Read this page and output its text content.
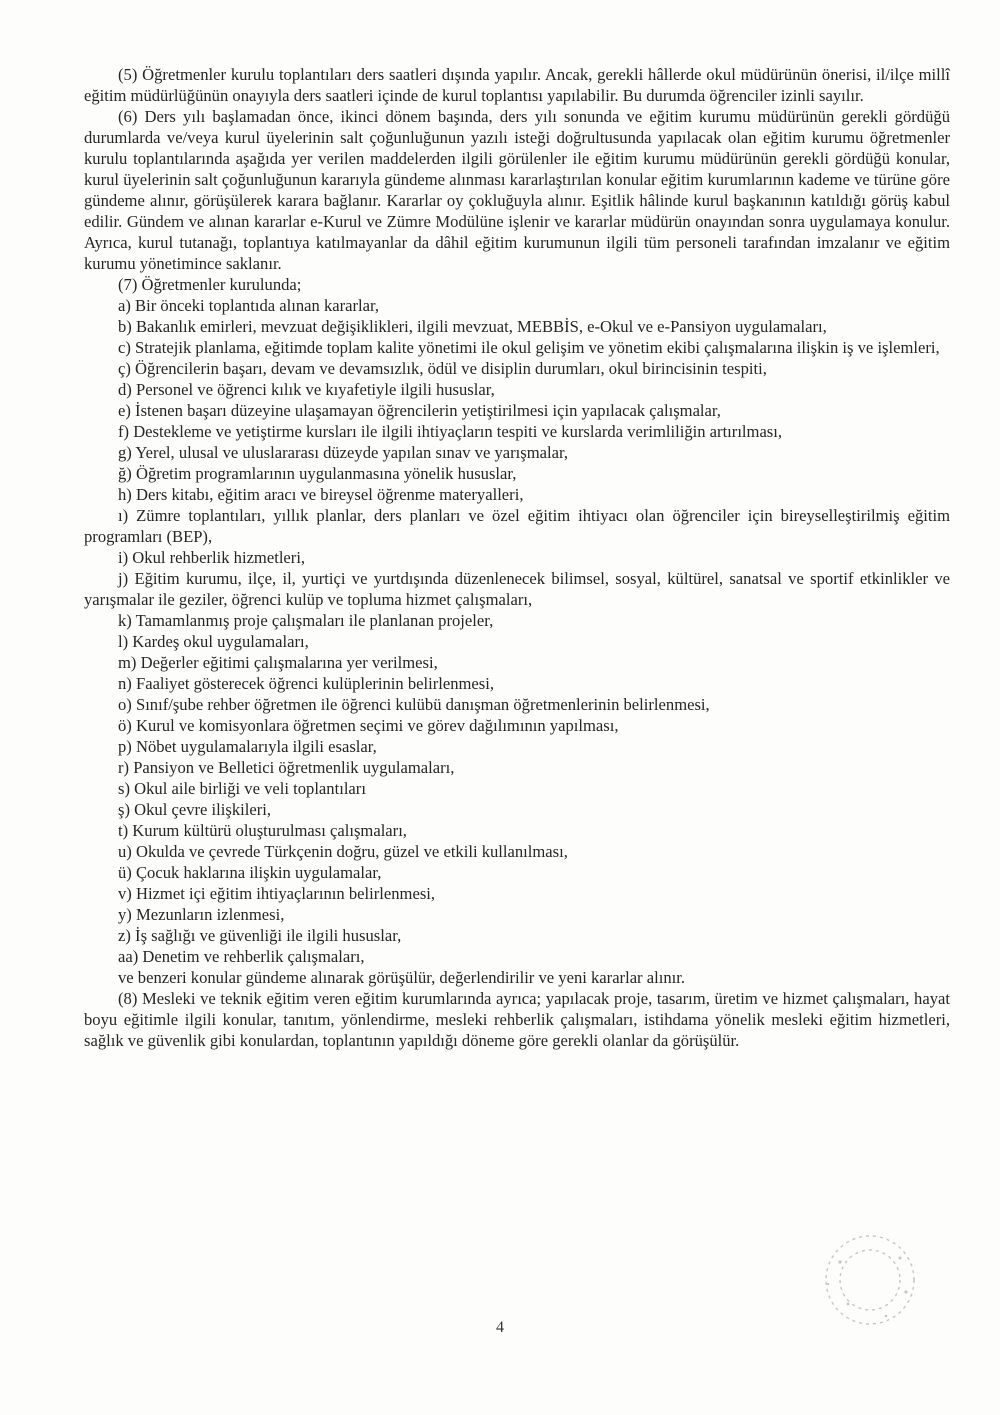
(5) Öğretmenler kurulu toplantıları ders saatleri dışında yapılır. Ancak, gerekli hâllerde okul müdürünün önerisi, il/ilçe millî eğitim müdürlüğünün onayıyla ders saatleri içinde de kurul toplantısı yapılabilir. Bu durumda öğrenciler izinli sayılır.

(6) Ders yılı başlamadan önce, ikinci dönem başında, ders yılı sonunda ve eğitim kurumu müdürünün gerekli gördüğü durumlarda ve/veya kurul üyelerinin salt çoğunluğunun yazılı isteği doğrultusunda yapılacak olan eğitim kurumu öğretmenler kurulu toplantılarında aşağıda yer verilen maddelerden ilgili görülenler ile eğitim kurumu müdürünün gerekli gördüğü konular, kurul üyelerinin salt çoğunluğunun kararıyla gündeme alınması kararlaştırılan konular eğitim kurumlarının kademe ve türüne göre gündeme alınır, görüşülerek karara bağlanır. Kararlar oy çokluğuyla alınır. Eşitlik hâlinde kurul başkanının katıldığı görüş kabul edilir. Gündem ve alınan kararlar e-Kurul ve Zümre Modülüne işlenir ve kararlar müdürün onayından sonra uygulamaya konulur. Ayrıca, kurul tutanağı, toplantıya katılmayanlar da dâhil eğitim kurumunun ilgili tüm personeli tarafından imzalanır ve eğitim kurumu yönetimince saklanır.

(7) Öğretmenler kurulunda;

a) Bir önceki toplantıda alınan kararlar,

b) Bakanlık emirleri, mevzuat değişiklikleri, ilgili mevzuat, MEBBİS, e-Okul ve e-Pansiyon uygulamaları,

c) Stratejik planlama, eğitimde toplam kalite yönetimi ile okul gelişim ve yönetim ekibi çalışmalarına ilişkin iş ve işlemleri,

ç) Öğrencilerin başarı, devam ve devamsızlık, ödül ve disiplin durumları, okul birincisinin tespiti,

d) Personel ve öğrenci kılık ve kıyafetiyle ilgili hususlar,

e) İstenen başarı düzeyine ulaşamayan öğrencilerin yetiştirilmesi için yapılacak çalışmalar,

f) Destekleme ve yetiştirme kursları ile ilgili ihtiyaçların tespiti ve kurslarda verimliliğin artırılması,

g) Yerel, ulusal ve uluslararası düzeyde yapılan sınav ve yarışmalar,

ğ) Öğretim programlarının uygulanmasına yönelik hususlar,

h) Ders kitabı, eğitim aracı ve bireysel öğrenme materyalleri,

ı) Zümre toplantıları, yıllık planlar, ders planları ve özel eğitim ihtiyacı olan öğrenciler için bireyselleştirilmiş eğitim programları (BEP),

i) Okul rehberlik hizmetleri,

j) Eğitim kurumu, ilçe, il, yurtiçi ve yurtdışında düzenlenecek bilimsel, sosyal, kültürel, sanatsal ve sportif etkinlikler ve yarışmalar ile geziler, öğrenci kulüp ve topluma hizmet çalışmaları,

k) Tamamlanmış proje çalışmaları ile planlanan projeler,

l) Kardeş okul uygulamaları,

m) Değerler eğitimi çalışmalarına yer verilmesi,

n) Faaliyet gösterecek öğrenci kulüplerinin belirlenmesi,

o) Sınıf/şube rehber öğretmen ile öğrenci kulübü danışman öğretmenlerinin belirlenmesi,

ö) Kurul ve komisyonlara öğretmen seçimi ve görev dağılımının yapılması,

p) Nöbet uygulamalarıyla ilgili esaslar,

r) Pansiyon ve Belletici öğretmenlik uygulamaları,

s) Okul aile birliği ve veli toplantıları

ş) Okul çevre ilişkileri,

t) Kurum kültürü oluşturulması çalışmaları,

u) Okulda ve çevrede Türkçenin doğru, güzel ve etkili kullanılması,

ü) Çocuk haklarına ilişkin uygulamalar,

v) Hizmet içi eğitim ihtiyaçlarının belirlenmesi,

y) Mezunların izlenmesi,

z) İş sağlığı ve güvenliği ile ilgili hususlar,

aa) Denetim ve rehberlik çalışmaları,

ve benzeri konular gündeme alınarak görüşülür, değerlendirilir ve yeni kararlar alınır.

(8) Mesleki ve teknik eğitim veren eğitim kurumlarında ayrıca; yapılacak proje, tasarım, üretim ve hizmet çalışmaları, hayat boyu eğitimle ilgili konular, tanıtım, yönlendirme, mesleki rehberlik çalışmaları, istihdama yönelik mesleki eğitim hizmetleri, sağlık ve güvenlik gibi konulardan, toplantının yapıldığı döneme göre gerekli olanlar da görüşülür.

4
